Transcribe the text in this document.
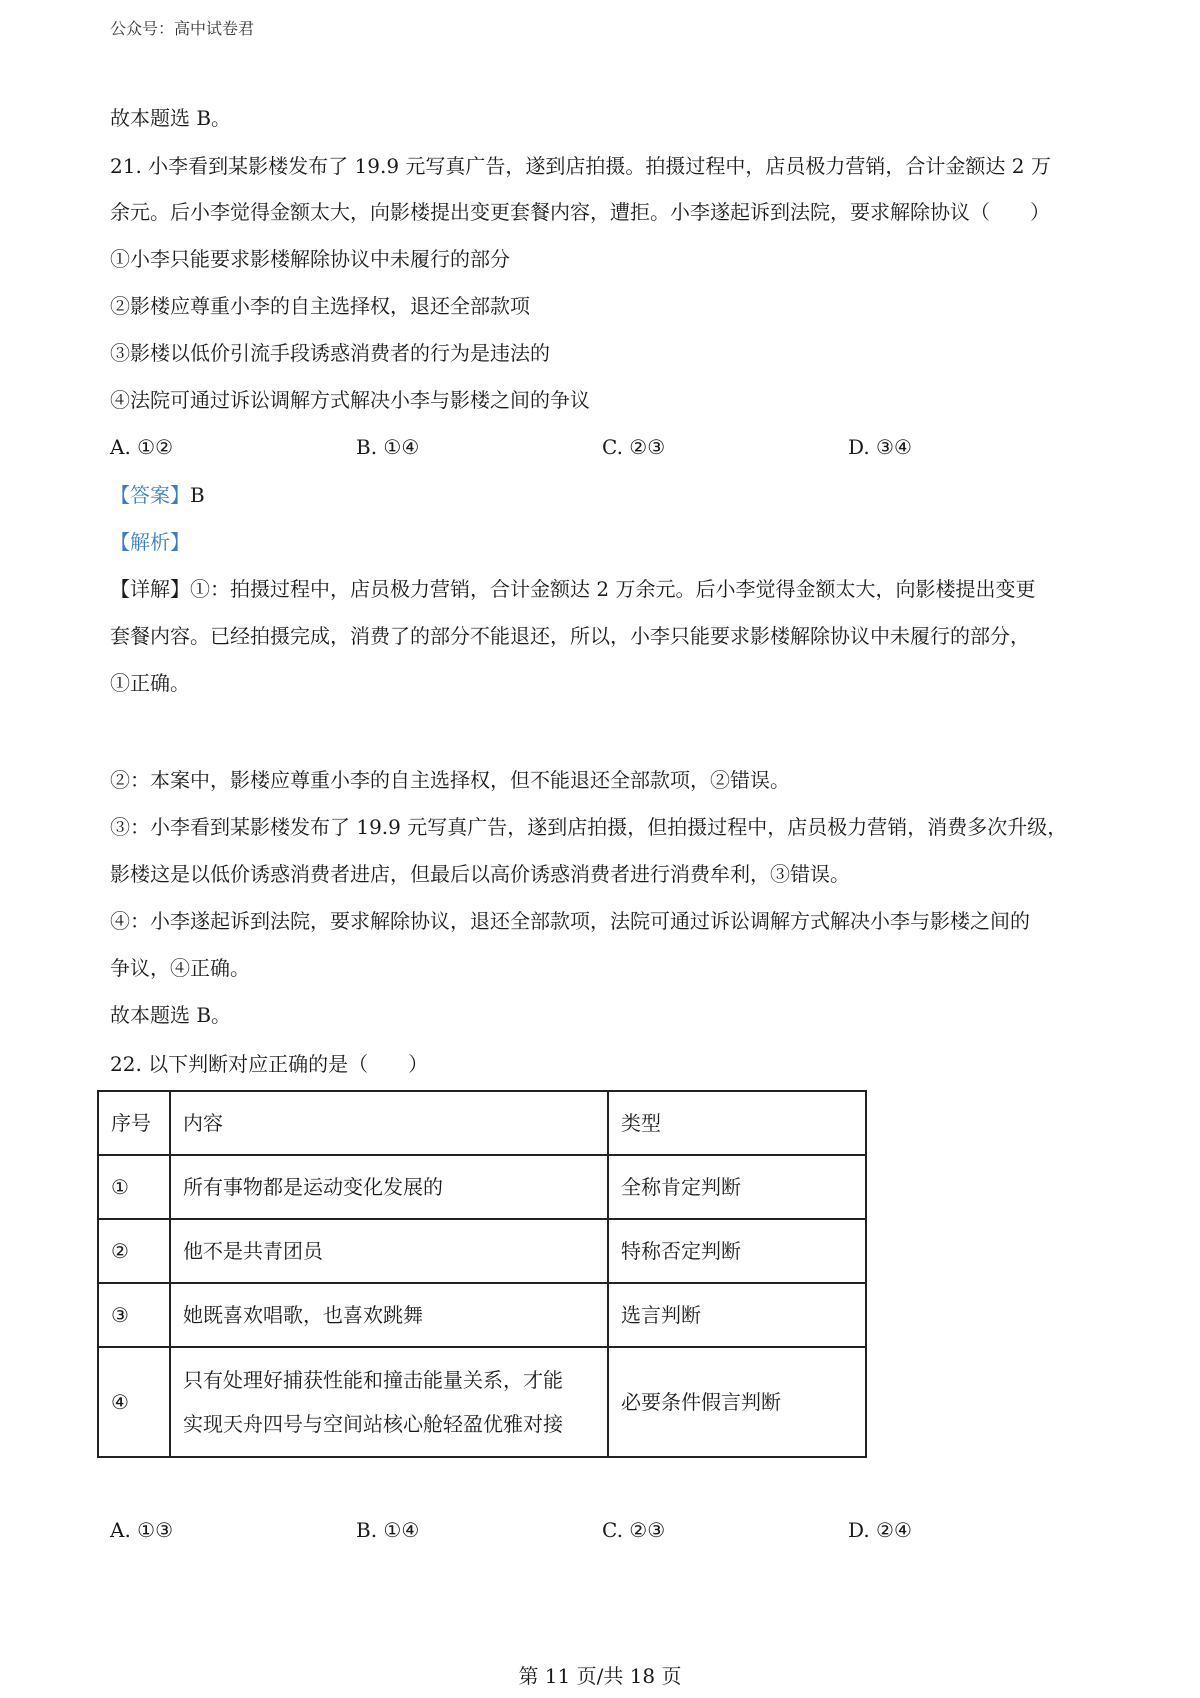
公众号：高中试卷君
故本题选 B。
21. 小李看到某影楼发布了 19.9 元写真广告，遂到店拍摄。拍摄过程中，店员极力营销，合计金额达 2 万
余元。后小李觉得金额太大，向影楼提出变更套餐内容，遭拒。小李遂起诉到法院，要求解除协议（　　）
①小李只能要求影楼解除协议中未履行的部分
②影楼应尊重小李的自主选择权，退还全部款项
③影楼以低价引流手段诱惑消费者的行为是违法的
④法院可通过诉讼调解方式解决小李与影楼之间的争议
A. ①②	B. ①④	C. ②③	D. ③④
【答案】B
【解析】
【详解】①：拍摄过程中，店员极力营销，合计金额达 2 万余元。后小李觉得金额太大，向影楼提出变更
套餐内容。已经拍摄完成，消费了的部分不能退还，所以，小李只能要求影楼解除协议中未履行的部分，
①正确。
②：本案中，影楼应尊重小李的自主选择权，但不能退还全部款项，②错误。
③：小李看到某影楼发布了 19.9 元写真广告，遂到店拍摄，但拍摄过程中，店员极力营销，消费多次升级，
影楼这是以低价诱惑消费者进店，但最后以高价诱惑消费者进行消费牟利，③错误。
④：小李遂起诉到法院，要求解除协议，退还全部款项，法院可通过诉讼调解方式解决小李与影楼之间的
争议，④正确。
故本题选 B。
22. 以下判断对应正确的是（　　）
序号	内容	类型
①	所有事物都是运动变化发展的	全称肯定判断
②	他不是共青团员	特称否定判断
③	她既喜欢唱歌，也喜欢跳舞	选言判断
④	只有处理好捕获性能和撞击能量关系，才能
实现天舟四号与空间站核心舱轻盈优雅对接	必要条件假言判断
A. ①③	B. ①④	C. ②③	D. ②④
第 11 页/共 18 页
